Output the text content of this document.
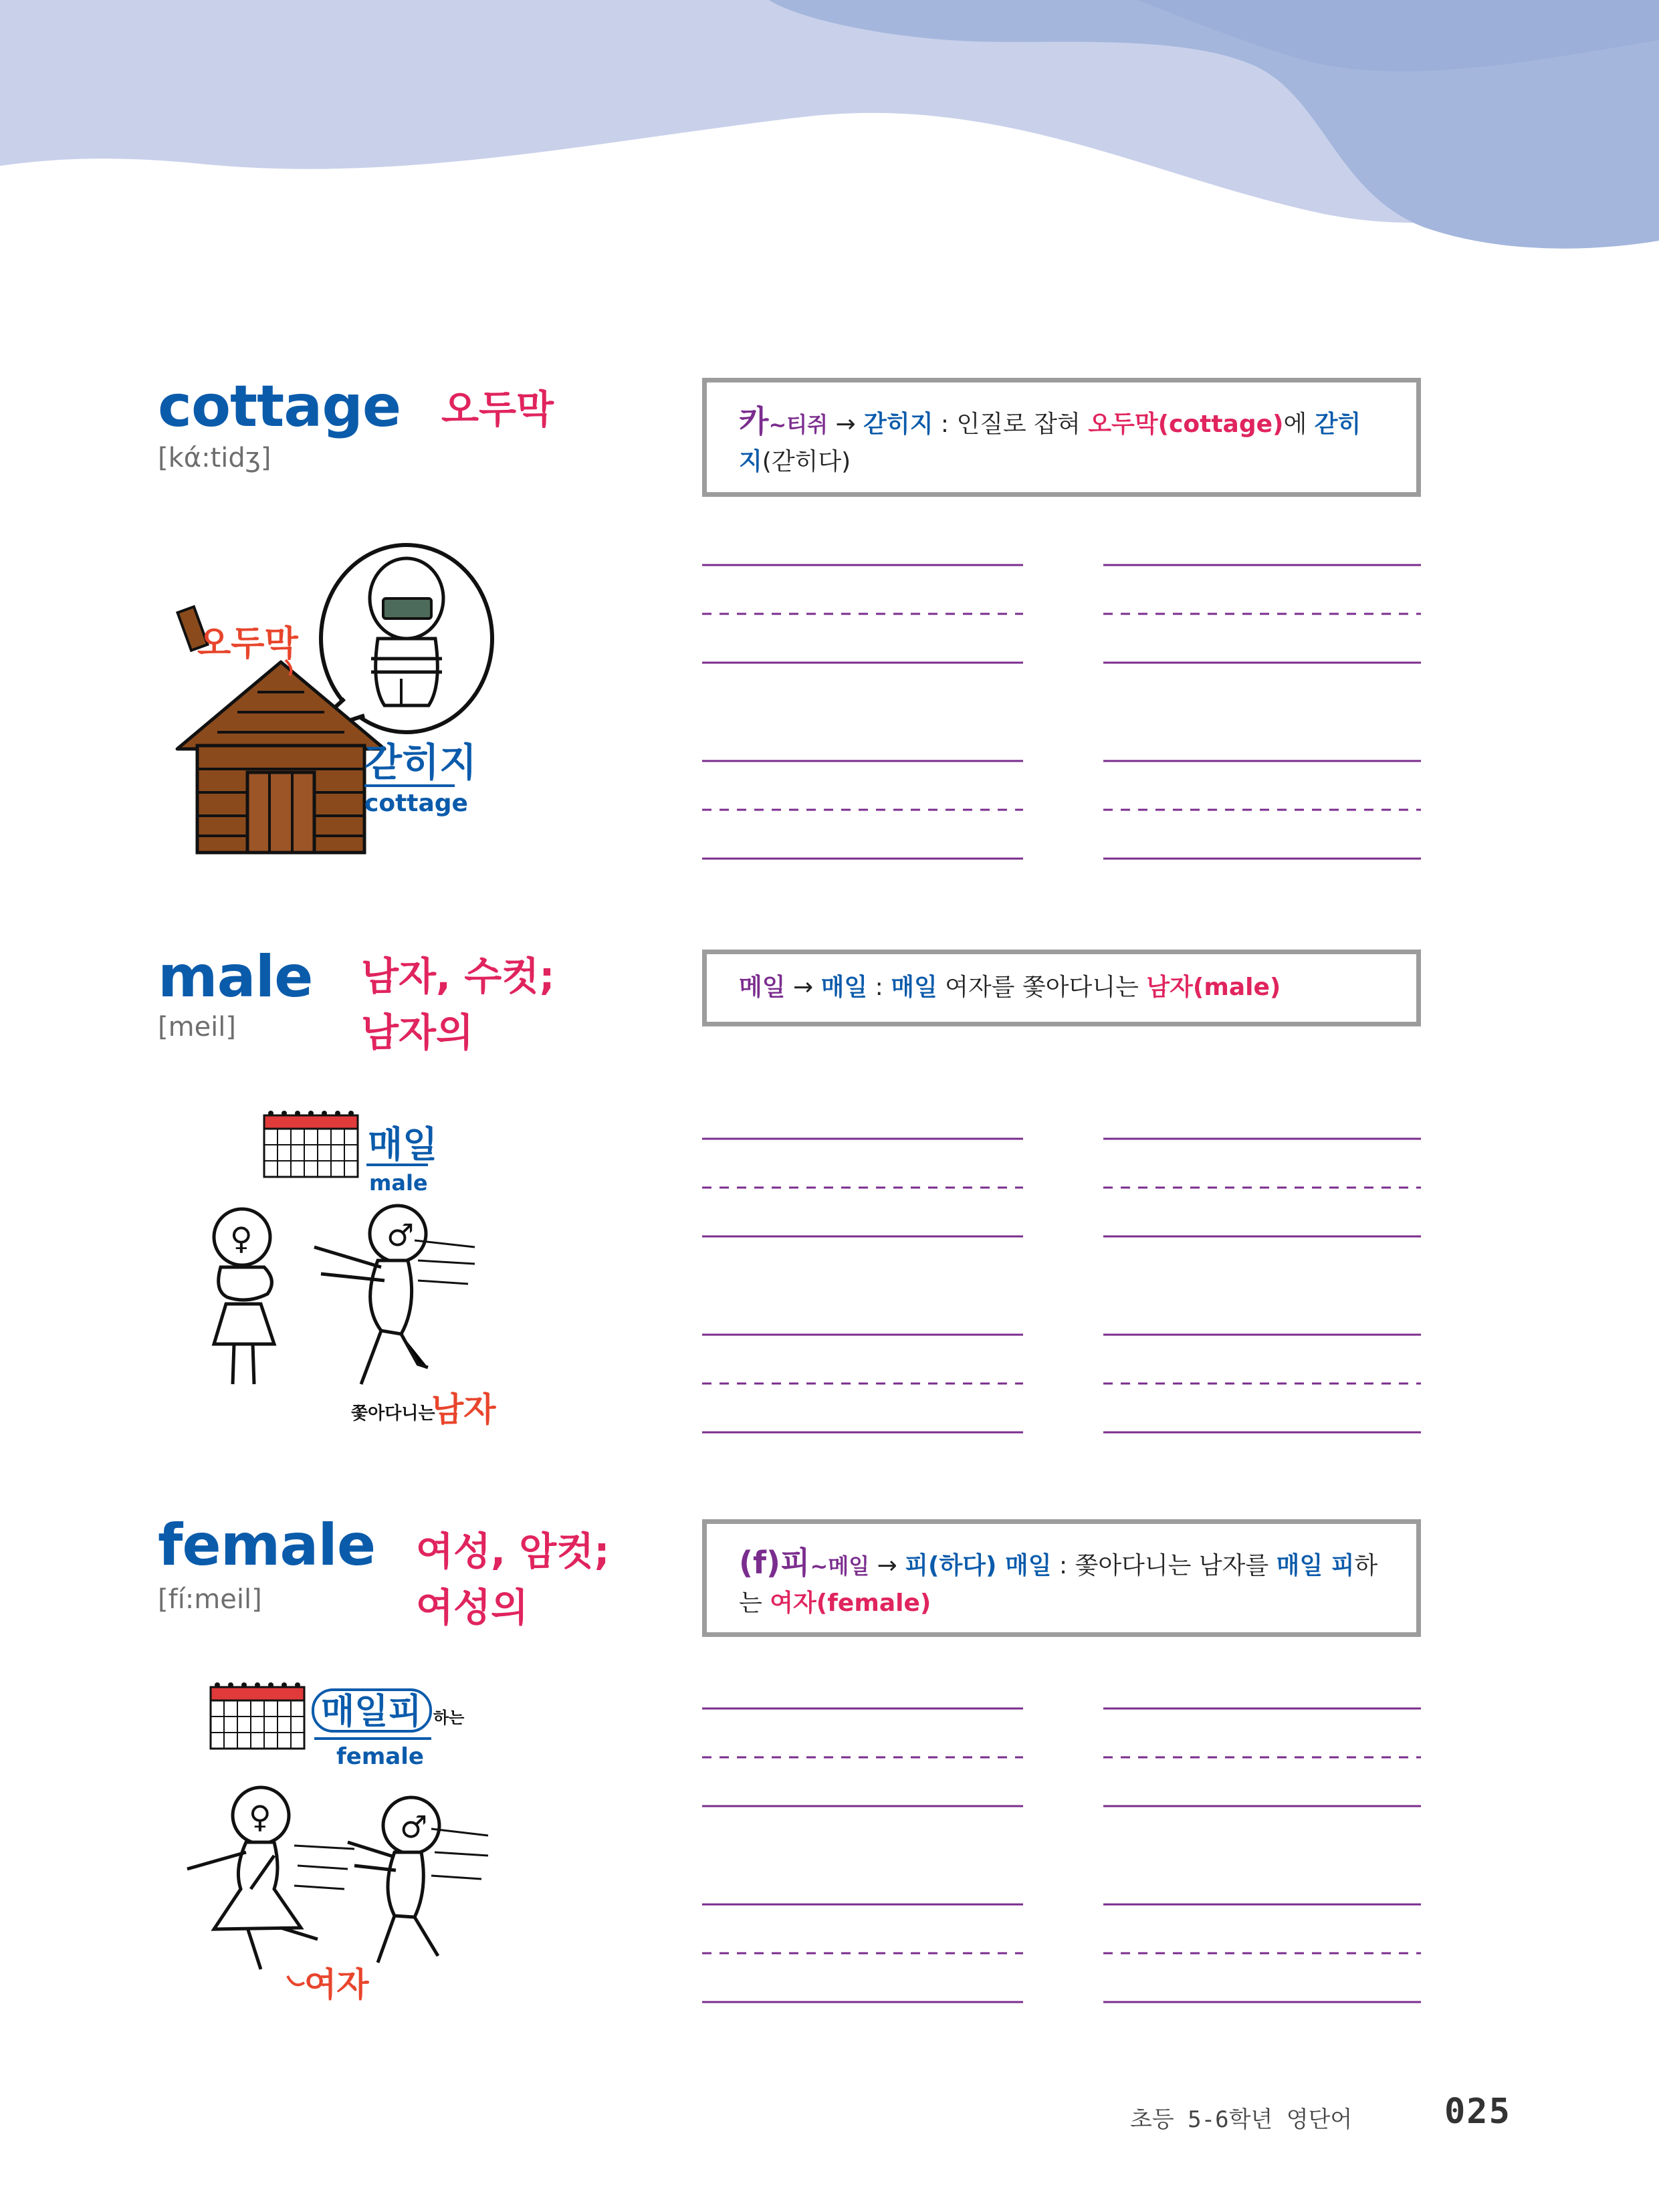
cottage
[kά:tidʒ]
오두막	카~티쥐 → 갇히지 : 인질로 잡혀 오두막(cottage)에 갇히지(갇히다)
오두막
갇히지
cottage
male
[meil]
남자, 수컷;
남자의
메일 → 매일 : 매일 여자를 쫓아다니는 남자(male)
매일
male
♀	♂
쫓아다니는
남자
female
[fí:meil]
여성, 암컷;
여성의
(f)피~메일 → 피(하다) 매일 : 쫓아다니는 남자를 매일 피하는 여자(female)
매일피 하는
female
♀	♂
여자
초등 5-6학년 영단어	025
